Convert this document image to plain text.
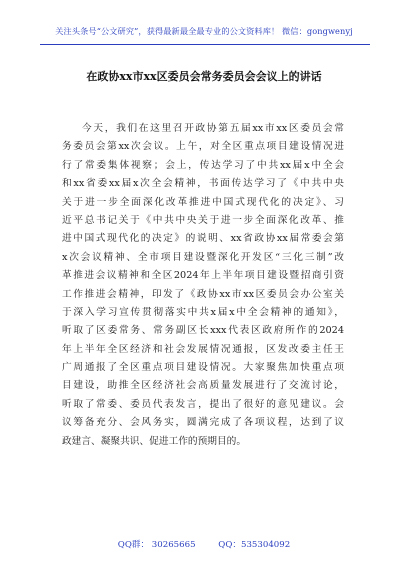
关注头条号“公文研究”，获得最新最全最专业的公文资料库！ 微信：gongwenyj
在政协xx市xx区委员会常务委员会会议上的讲话
今天，我们在这里召开政协第五届xx市xx区委员会常
务委员会第xx次会议。上午，对全区重点项目建设情况进
行了常委集体视察；会上，传达学习了中共xx届x中全会
和xx省委xx届x次全会精神，书面传达学习了《中共中央
关于进一步全面深化改革推进中国式现代化的决定》、习
近平总书记关于《中共中央关于进一步全面深化改革、推
进中国式现代化的决定》的说明、xx省政协xx届常委会第
x次会议精神、全市项目建设暨深化开发区“三化三制”改
革推进会议精神和全区2024年上半年项目建设暨招商引资
工作推进会精神，印发了《政协xx市xx区委员会办公室关
于深入学习宣传贯彻落实中共x届x中全会精神的通知》，
听取了区委常务、常务副区长xxx代表区政府所作的2024
年上半年全区经济和社会发展情况通报，区发改委主任王
广周通报了全区重点项目建设情况。大家聚焦加快重点项
目建设，助推全区经济社会高质量发展进行了交流讨论，
听取了常委、委员代表发言，提出了很好的意见建议。会
议筹备充分、会风务实，圆满完成了各项议程，达到了议
政建言、凝聚共识、促进工作的预期目的。
QQ群： 30265665	QQ：535304092
